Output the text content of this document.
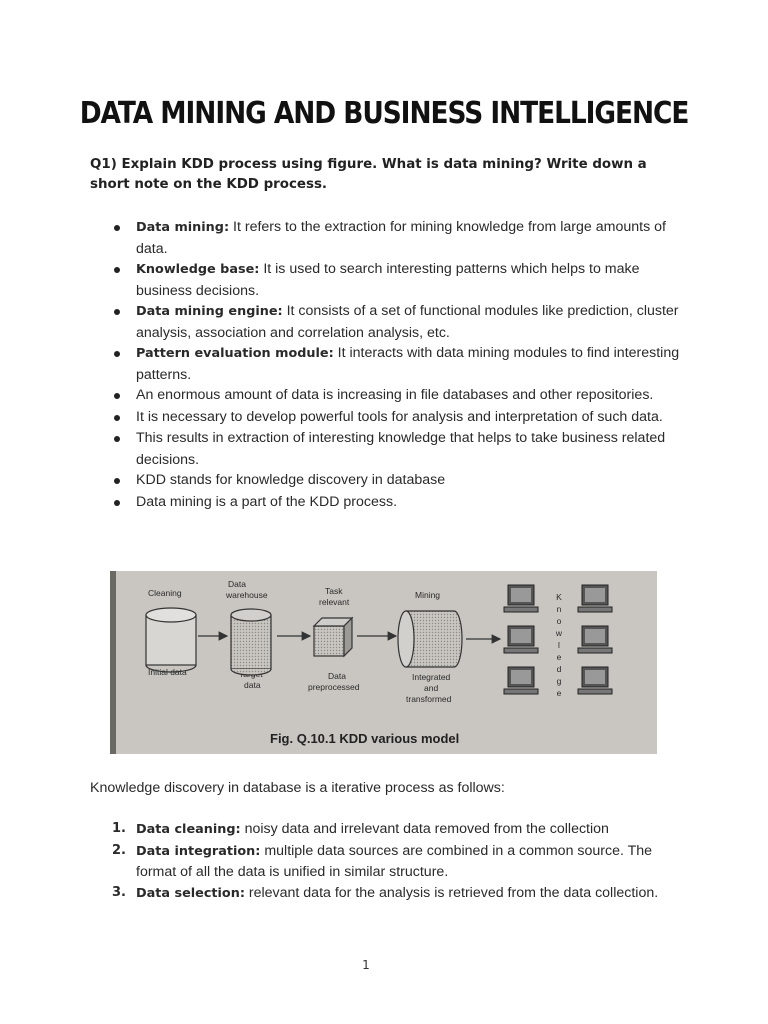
DATA MINING AND BUSINESS INTELLIGENCE
Q1) Explain KDD process using figure. What is data mining? Write down a short note on the KDD process.
Data mining: It refers to the extraction for mining knowledge from large amounts of data.
Knowledge base: It is used to search interesting patterns which helps to make business decisions.
Data mining engine: It consists of a set of functional modules like prediction, cluster analysis, association and correlation analysis, etc.
Pattern evaluation module: It interacts with data mining modules to find interesting patterns.
An enormous amount of data is increasing in file databases and other repositories.
It is necessary to develop powerful tools for analysis and interpretation of such data.
This results in extraction of interesting knowledge that helps to take business related decisions.
KDD stands for knowledge discovery in database
Data mining is a part of the KDD process.
Cleaning
Data
warehouse	Task
relevant
Mining
Initial data
data
Data
preprocessed
Integrated
and
transformed
K
n
o
w
l
e
d
g
e
Fig. Q.10.1 KDD various model
Knowledge discovery in database is a iterative process as follows:
1. Data cleaning: noisy data and irrelevant data removed from the collection
2. Data integration: multiple data sources are combined in a common source. The format of all the data is unified in similar structure.
3. Data selection: relevant data for the analysis is retrieved from the data collection.
1
